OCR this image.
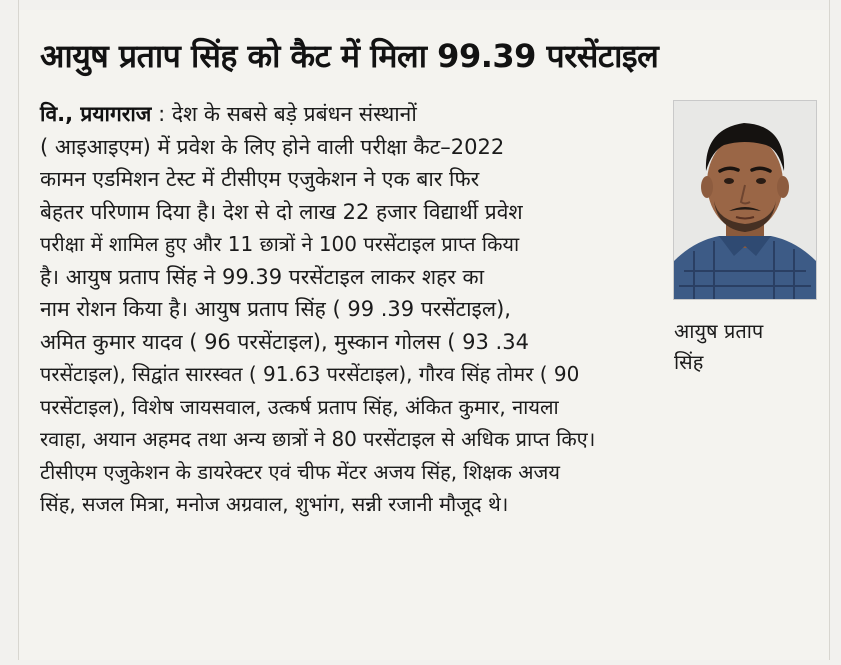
आयुष प्रताप सिंह को कैट में मिला 99.39 परसेंटाइल
वि., प्रयागराज : देश के सबसे बड़े प्रबंधन संस्थानों
( आइआइएम) में प्रवेश के लिए होने वाली परीक्षा कैट–2022
कामन एडमिशन टेस्ट में टीसीएम एजुकेशन ने एक बार फिर
बेहतर परिणाम दिया है। देश से दो लाख 22 हजार विद्यार्थी प्रवेश
परीक्षा में शामिल हुए और 11 छात्रों ने 100 परसेंटाइल प्राप्त किया
है। आयुष प्रताप सिंह ने 99.39 परसेंटाइल लाकर शहर का
नाम रोशन किया है। आयुष प्रताप सिंह ( 99 .39 परसेंटाइल),
अमित कुमार यादव ( 96 परसेंटाइल), मुस्कान गोलस ( 93 .34
परसेंटाइल), सिद्वांत सारस्वत ( 91.63 परसेंटाइल), गौरव सिंह तोमर ( 90
परसेंटाइल), विशेष जायसवाल, उत्कर्ष प्रताप सिंह, अंकित कुमार, नायला
रवाहा, अयान अहमद तथा अन्य छात्रों ने 80 परसेंटाइल से अधिक प्राप्त किए।
टीसीएम एजुकेशन के डायरेक्टर एवं चीफ मेंटर अजय सिंह, शिक्षक अजय
सिंह, सजल मित्रा, मनोज अग्रवाल, शुभांग, सन्नी रजानी मौजूद थे।
आयुष प्रताप
सिंह
